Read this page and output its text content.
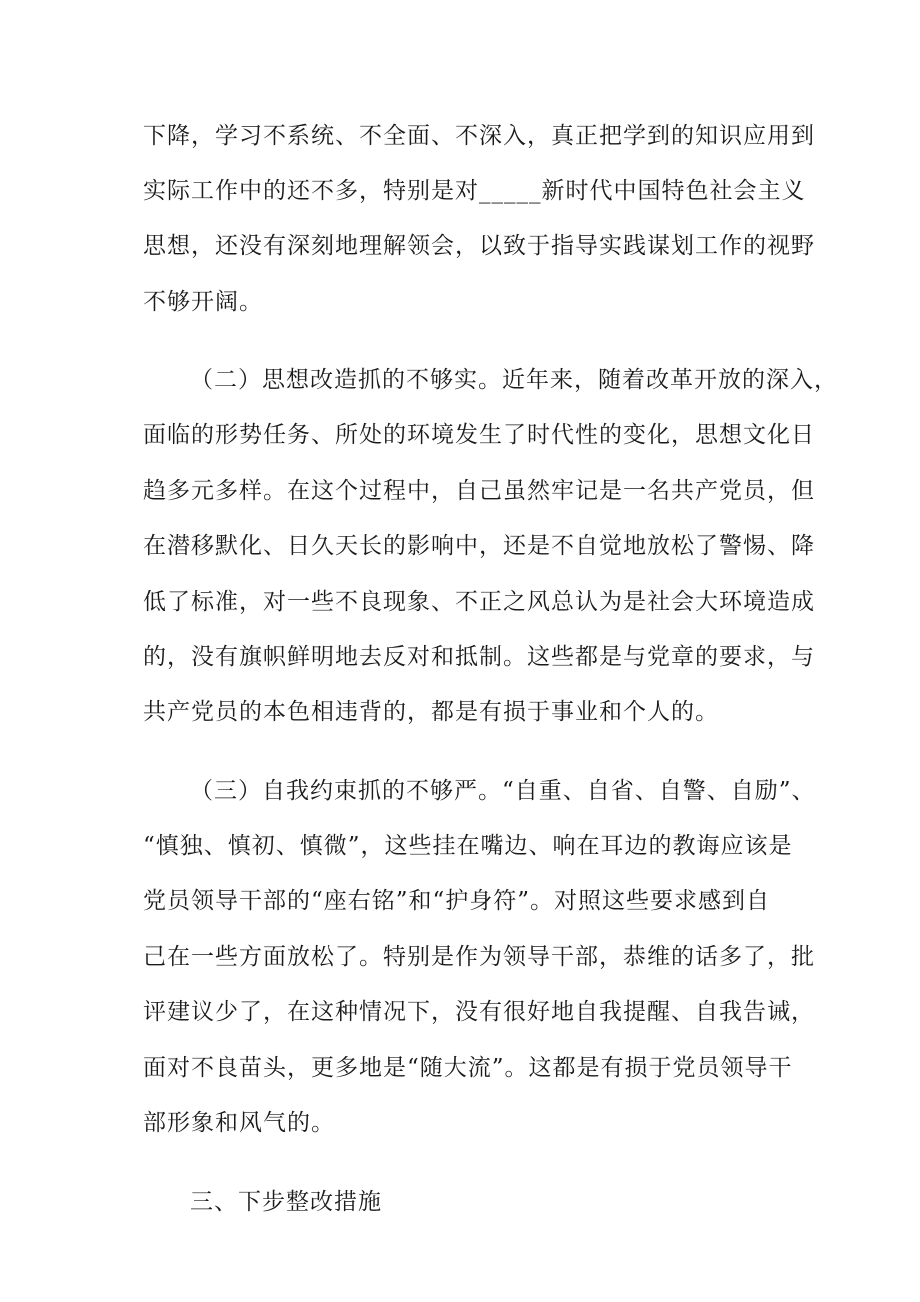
下降，学习不系统、不全面、不深入，真正把学到的知识应用到
实际工作中的还不多，特别是对_____新时代中国特色社会主义
思想，还没有深刻地理解领会，以致于指导实践谋划工作的视野
不够开阔。
（二）思想改造抓的不够实。近年来，随着改革开放的深入，
面临的形势任务、所处的环境发生了时代性的变化，思想文化日
趋多元多样。在这个过程中，自己虽然牢记是一名共产党员，但
在潜移默化、日久天长的影响中，还是不自觉地放松了警惕、降
低了标准，对一些不良现象、不正之风总认为是社会大环境造成
的，没有旗帜鲜明地去反对和抵制。这些都是与党章的要求，与
共产党员的本色相违背的，都是有损于事业和个人的。
（三）自我约束抓的不够严。“自重、自省、自警、自励”、
“慎独、慎初、慎微”，这些挂在嘴边、响在耳边的教诲应该是
党员领导干部的“座右铭”和“护身符”。对照这些要求感到自
己在一些方面放松了。特别是作为领导干部，恭维的话多了，批
评建议少了，在这种情况下，没有很好地自我提醒、自我告诫，
面对不良苗头，更多地是“随大流”。这都是有损于党员领导干
部形象和风气的。
三、下步整改措施
